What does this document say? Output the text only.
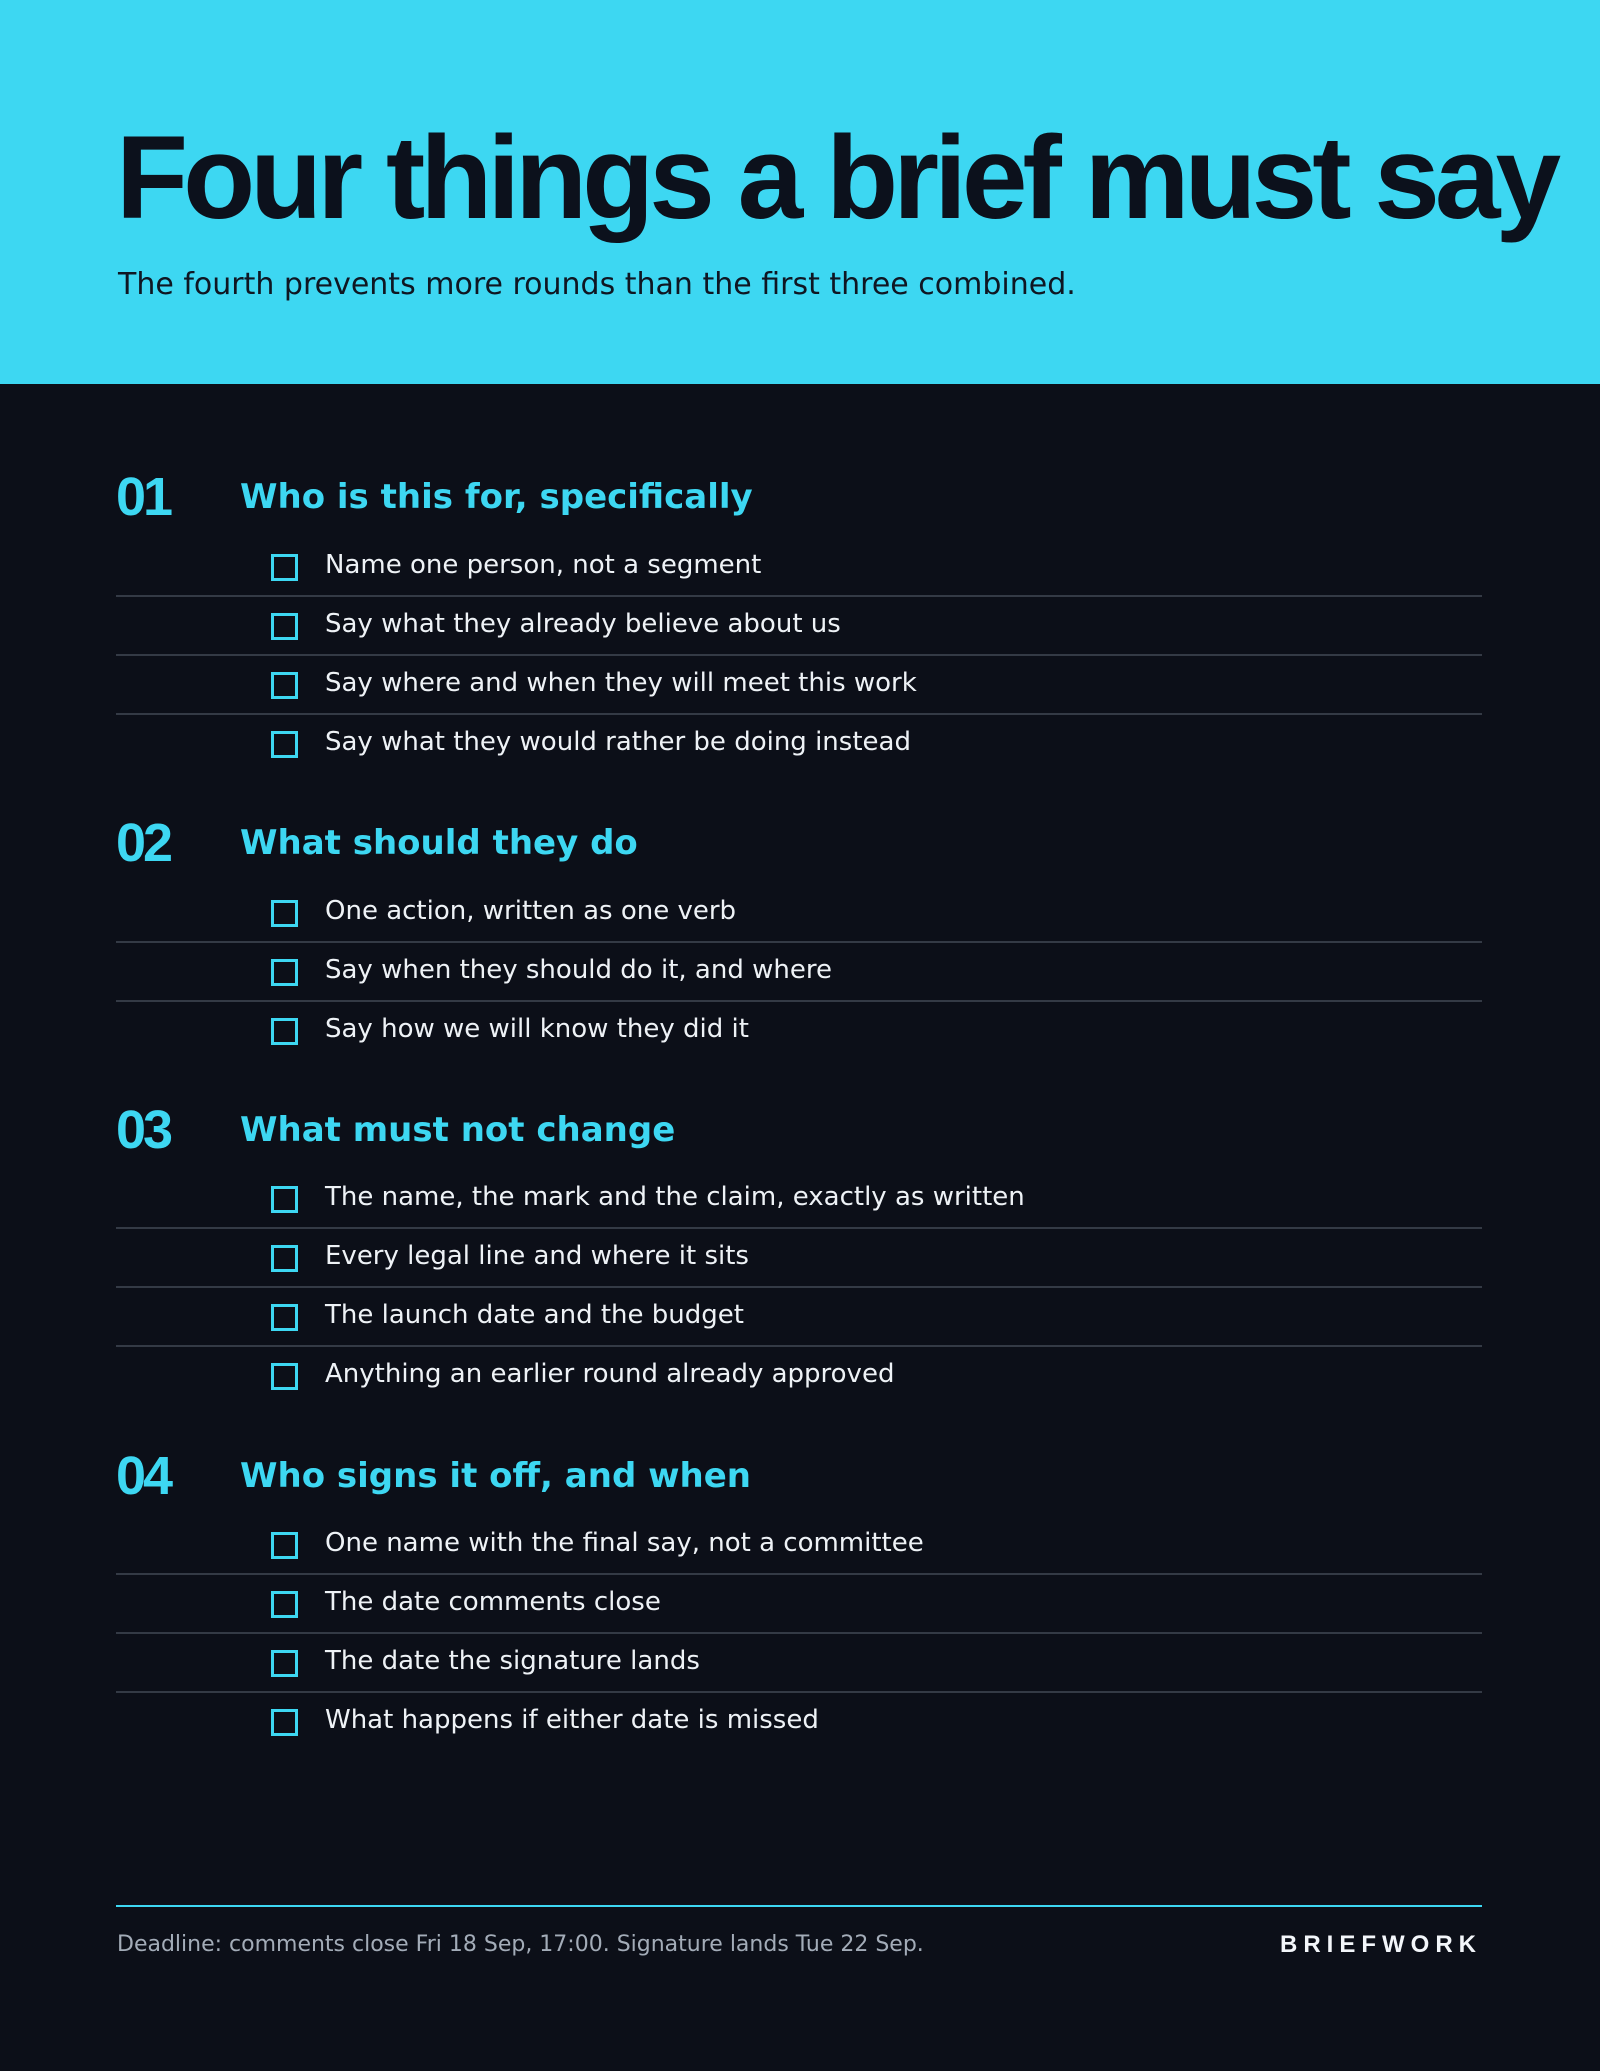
Four things a brief must say
The fourth prevents more rounds than the first three combined.
01	Who is this for, specifically
Name one person, not a segment
Say what they already believe about us
Say where and when they will meet this work
Say what they would rather be doing instead
02	What should they do
One action, written as one verb
Say when they should do it, and where
Say how we will know they did it
03	What must not change
The name, the mark and the claim, exactly as written
Every legal line and where it sits
The launch date and the budget
Anything an earlier round already approved
04	Who signs it off, and when
One name with the final say, not a committee
The date comments close
The date the signature lands
What happens if either date is missed
Deadline: comments close Fri 18 Sep, 17:00. Signature lands Tue 22 Sep.	BRIEFWORK
